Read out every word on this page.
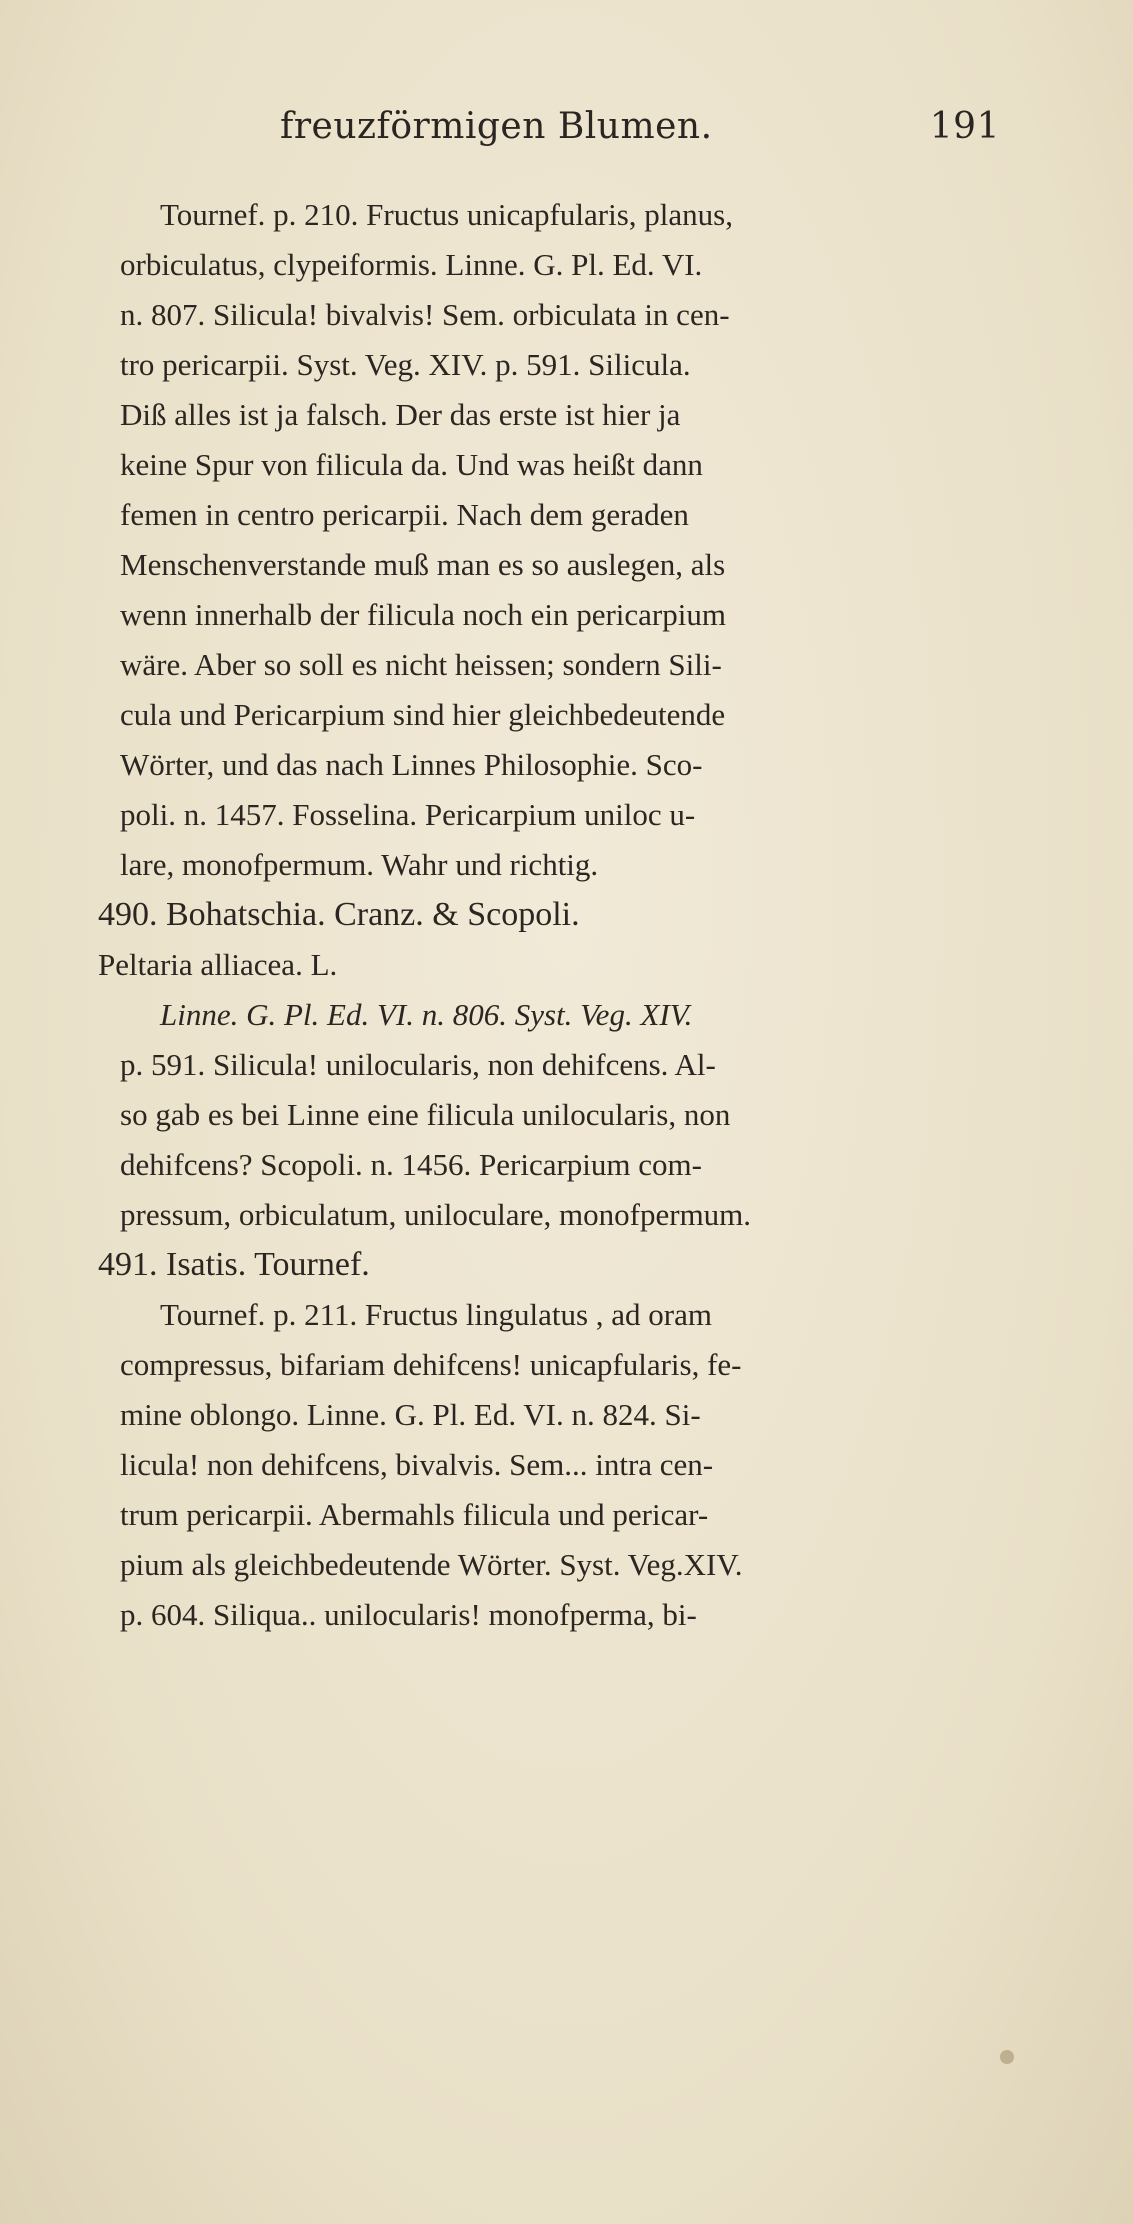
freuzförmigen Blumen.	191
Tournef. p. 210. Fructus unicapfularis, planus,
orbiculatus, clypeiformis. Linne. G. Pl. Ed. VI.
n. 807. Silicula! bivalvis! Sem. orbiculata in cen-
tro pericarpii. Syst. Veg. XIV. p. 591. Silicula.
Diß alles ist ja falsch. Der das erste ist hier ja
keine Spur von filicula da. Und was heißt dann
femen in centro pericarpii. Nach dem geraden
Menschenverstande muß man es so auslegen, als
wenn innerhalb der filicula noch ein pericarpium
wäre. Aber so soll es nicht heissen; sondern Sili-
cula und Pericarpium sind hier gleichbedeutende
Wörter, und das nach Linnes Philosophie. Sco-
poli. n. 1457. Fosselina. Pericarpium uniloc u-
lare, monofpermum. Wahr und richtig.
490. Bohatschia. Cranz. & Scopoli.
Peltaria alliacea. L.
Linne. G. Pl. Ed. VI. n. 806. Syst. Veg. XIV.
p. 591. Silicula! unilocularis, non dehifcens. Al-
so gab es bei Linne eine filicula unilocularis, non
dehifcens? Scopoli. n. 1456. Pericarpium com-
pressum, orbiculatum, uniloculare, monofpermum.
491. Isatis. Tournef.
Tournef. p. 211. Fructus lingulatus , ad oram
compressus, bifariam dehifcens! unicapfularis, fe-
mine oblongo. Linne. G. Pl. Ed. VI. n. 824. Si-
licula! non dehifcens, bivalvis. Sem... intra cen-
trum pericarpii. Abermahls filicula und pericar-
pium als gleichbedeutende Wörter. Syst. Veg.XIV.
p. 604. Siliqua.. unilocularis! monofperma, bi-
